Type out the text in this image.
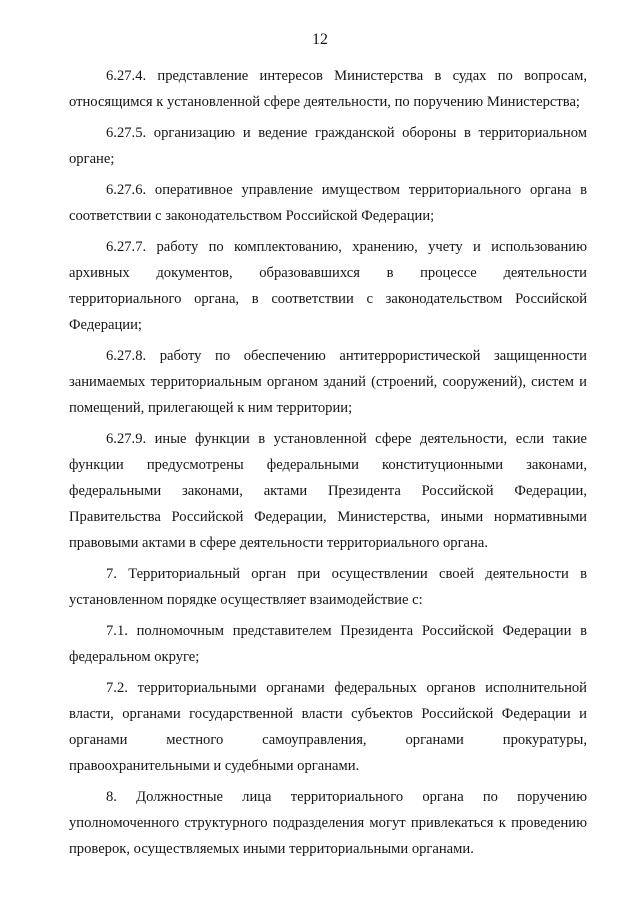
12

6.27.4. представление интересов Министерства в судах по вопросам, относящимся к установленной сфере деятельности, по поручению Министерства;

6.27.5. организацию и ведение гражданской обороны в территориальном органе;

6.27.6. оперативное управление имуществом территориального органа в соответствии с законодательством Российской Федерации;

6.27.7. работу по комплектованию, хранению, учету и использованию архивных документов, образовавшихся в процессе деятельности территориального органа, в соответствии с законодательством Российской Федерации;

6.27.8. работу по обеспечению антитеррористической защищенности занимаемых территориальным органом зданий (строений, сооружений), систем и помещений, прилегающей к ним территории;

6.27.9. иные функции в установленной сфере деятельности, если такие функции предусмотрены федеральными конституционными законами, федеральными законами, актами Президента Российской Федерации, Правительства Российской Федерации, Министерства, иными нормативными правовыми актами в сфере деятельности территориального органа.

7. Территориальный орган при осуществлении своей деятельности в установленном порядке осуществляет взаимодействие с:

7.1. полномочным представителем Президента Российской Федерации в федеральном округе;

7.2. территориальными органами федеральных органов исполнительной власти, органами государственной власти субъектов Российской Федерации и органами местного самоуправления, органами прокуратуры, правоохранительными и судебными органами.

8. Должностные лица территориального органа по поручению уполномоченного структурного подразделения могут привлекаться к проведению проверок, осуществляемых иными территориальными органами.
